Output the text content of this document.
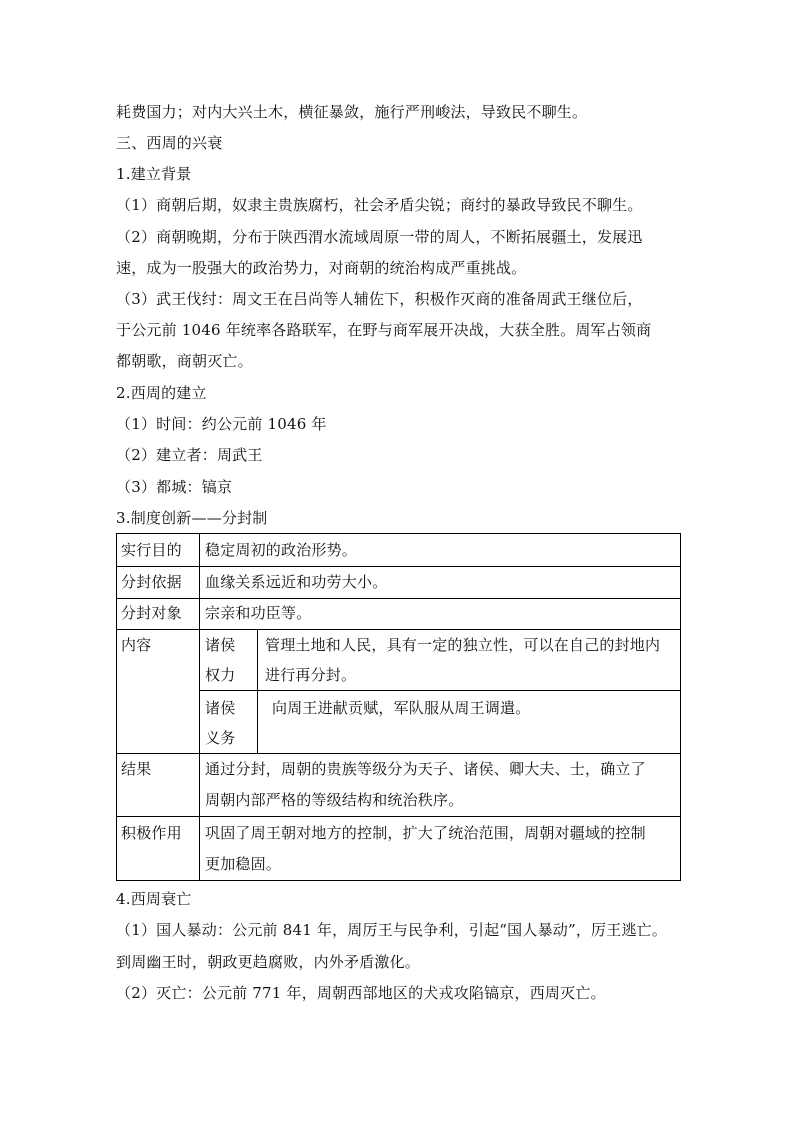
耗费国力；对内大兴土木，横征暴敛，施行严刑峻法，导致民不聊生。
三、西周的兴衰
1.建立背景
（1）商朝后期，奴隶主贵族腐朽，社会矛盾尖锐；商纣的暴政导致民不聊生。
（2）商朝晚期，分布于陕西渭水流域周原一带的周人，不断拓展疆土，发展迅
速，成为一股强大的政治势力，对商朝的统治构成严重挑战。
（3）武王伐纣：周文王在吕尚等人辅佐下，积极作灭商的准备周武王继位后，
于公元前 1046 年统率各路联军，在野与商军展开决战，大获全胜。周军占领商
都朝歌，商朝灭亡。
2.西周的建立
（1）时间：约公元前 1046 年
（2）建立者：周武王
（3）都城：镐京
3.制度创新——分封制
实行目的 稳定周初的政治形势。
分封依据 血缘关系远近和功劳大小。
分封对象 宗亲和功臣等。
内容	诸侯
权力
管理土地和人民，具有一定的独立性，可以在自己的封地内
进行再分封。
诸侯
义务
向周王进献贡赋，军队服从周王调遣。
结果	通过分封，周朝的贵族等级分为天子、诸侯、卿大夫、士，确立了
周朝内部严格的等级结构和统治秩序。
积极作用 巩固了周王朝对地方的控制，扩大了统治范围，周朝对疆域的控制
更加稳固。
4.西周衰亡
（1）国人暴动：公元前 841 年，周厉王与民争利，引起“国人暴动”，厉王逃亡。
到周幽王时，朝政更趋腐败，内外矛盾激化。
（2）灭亡：公元前 771 年，周朝西部地区的犬戎攻陷镐京，西周灭亡。
